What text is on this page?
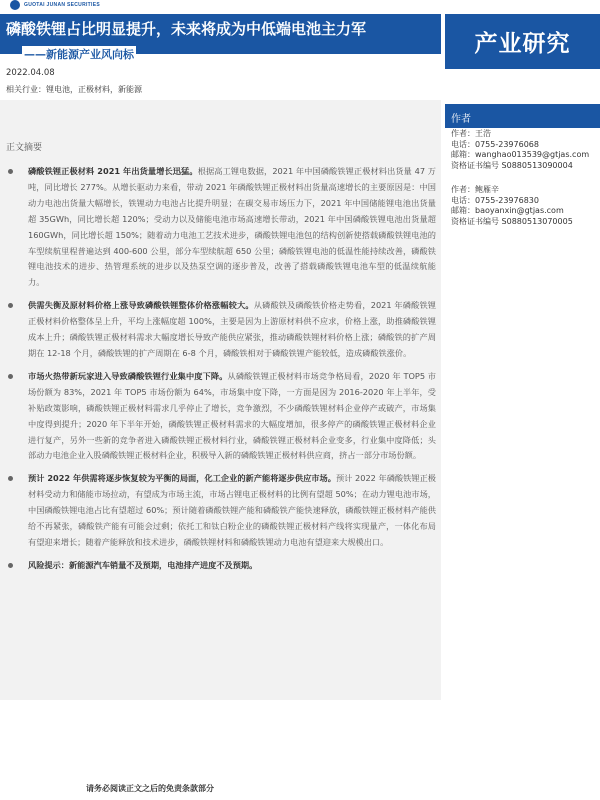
GUOTAI JUNAN SECURITIES
磷酸铁锂占比明显提升，未来将成为中低端电池主力军
——新能源产业风向标	产业研究
2022.04.08
相关行业：锂电池，正极材料，新能源
正文摘要
磷酸铁锂正极材料 2021 年出货量增长迅猛。根据高工锂电数据，2021 年中国磷酸铁锂正极材料出货量 47 万吨，同比增长 277%。从增长驱动力来看，带动 2021 年磷酸铁锂正极材料出货量高速增长的主要原因是：中国动力电池出货量大幅增长，铁锂动力电池占比提升明显；在碳交易市场压力下，2021 年中国储能锂电池出货量超 35GWh，同比增长超 120%；受动力以及储能电池市场高速增长带动，2021 年中国磷酸铁锂电池出货量超 160GWh，同比增长超 150%；随着动力电池工艺技术进步，磷酸铁锂电池包的结构创新使搭载磷酸铁锂电池的车型续航里程普遍达到 400-600 公里，部分车型续航超 650 公里；磷酸铁锂电池的低温性能持续改善，磷酸铁锂电池技术的进步、热管理系统的进步以及热泵空调的逐步普及，改善了搭载磷酸铁锂电池车型的低温续航能力。
供需失衡及原材料价格上涨导致磷酸铁锂整体价格涨幅较大。从磷酸铁及磷酸铁价格走势看，2021 年磷酸铁锂正极材料价格整体呈上升，平均上涨幅度超 100%，主要是因为上游原材料供不应求，价格上涨，助推磷酸铁锂成本上升；磷酸铁锂正极材料需求大幅度增长导致产能供应紧张，推动磷酸铁锂材料价格上涨；磷酸铁的扩产周期在 12-18 个月，磷酸铁锂的扩产周期在 6-8 个月，磷酸铁相对于磷酸铁锂产能较低，造成磷酸铁涨价。
市场火热带新玩家进入导致磷酸铁锂行业集中度下降。从磷酸铁锂正极材料市场竞争格局看，2020 年 TOP5 市场份额为 83%，2021 年 TOP5 市场份额为 64%，市场集中度下降，一方面是因为 2016-2020 年上半年，受补贴政策影响，磷酸铁锂正极材料需求几乎停止了增长，竞争激烈，不少磷酸铁锂材料企业停产或破产，市场集中度得到提升；2020 年下半年开始，磷酸铁锂正极材料需求的大幅度增加，很多停产的磷酸铁锂正极材料企业进行复产，另外一些新的竞争者进入磷酸铁锂正极材料行业，磷酸铁锂正极材料企业变多，行业集中度降低；头部动力电池企业入股磷酸铁锂正极材料企业，积极导入新的磷酸铁锂正极材料供应商，挤占一部分市场份额。
预计 2022 年供需将逐步恢复较为平衡的局面，化工企业的新产能将逐步供应市场。预计 2022 年磷酸铁锂正极材料受动力和储能市场拉动，有望成为市场主流，市场占锂电正极材料的比例有望超 50%；在动力锂电池市场，中国磷酸铁锂电池占比有望超过 60%；预计随着磷酸铁锂产能和磷酸铁产能快速释放，磷酸铁锂正极材料产能供给不再紧张，磷酸铁产能有可能会过剩；依托工和钛白粉企业的磷酸铁锂正极材料产线将实现量产，一体化布局有望迎来增长；随着产能释放和技术进步，磷酸铁锂材料和磷酸铁锂动力电池有望迎来大规模出口。
风险提示：新能源汽车销量不及预期，电池排产进度不及预期。
作者
作者：王浩
电话：0755-23976068
邮箱：wanghao013539@gtjas.com
资格证书编号 S0880513090004
作者：鲍雁辛
电话：0755-23976830
邮箱：baoyanxin@gtjas.com
资格证书编号 S0880513070005
请务必阅读正文之后的免责条款部分
